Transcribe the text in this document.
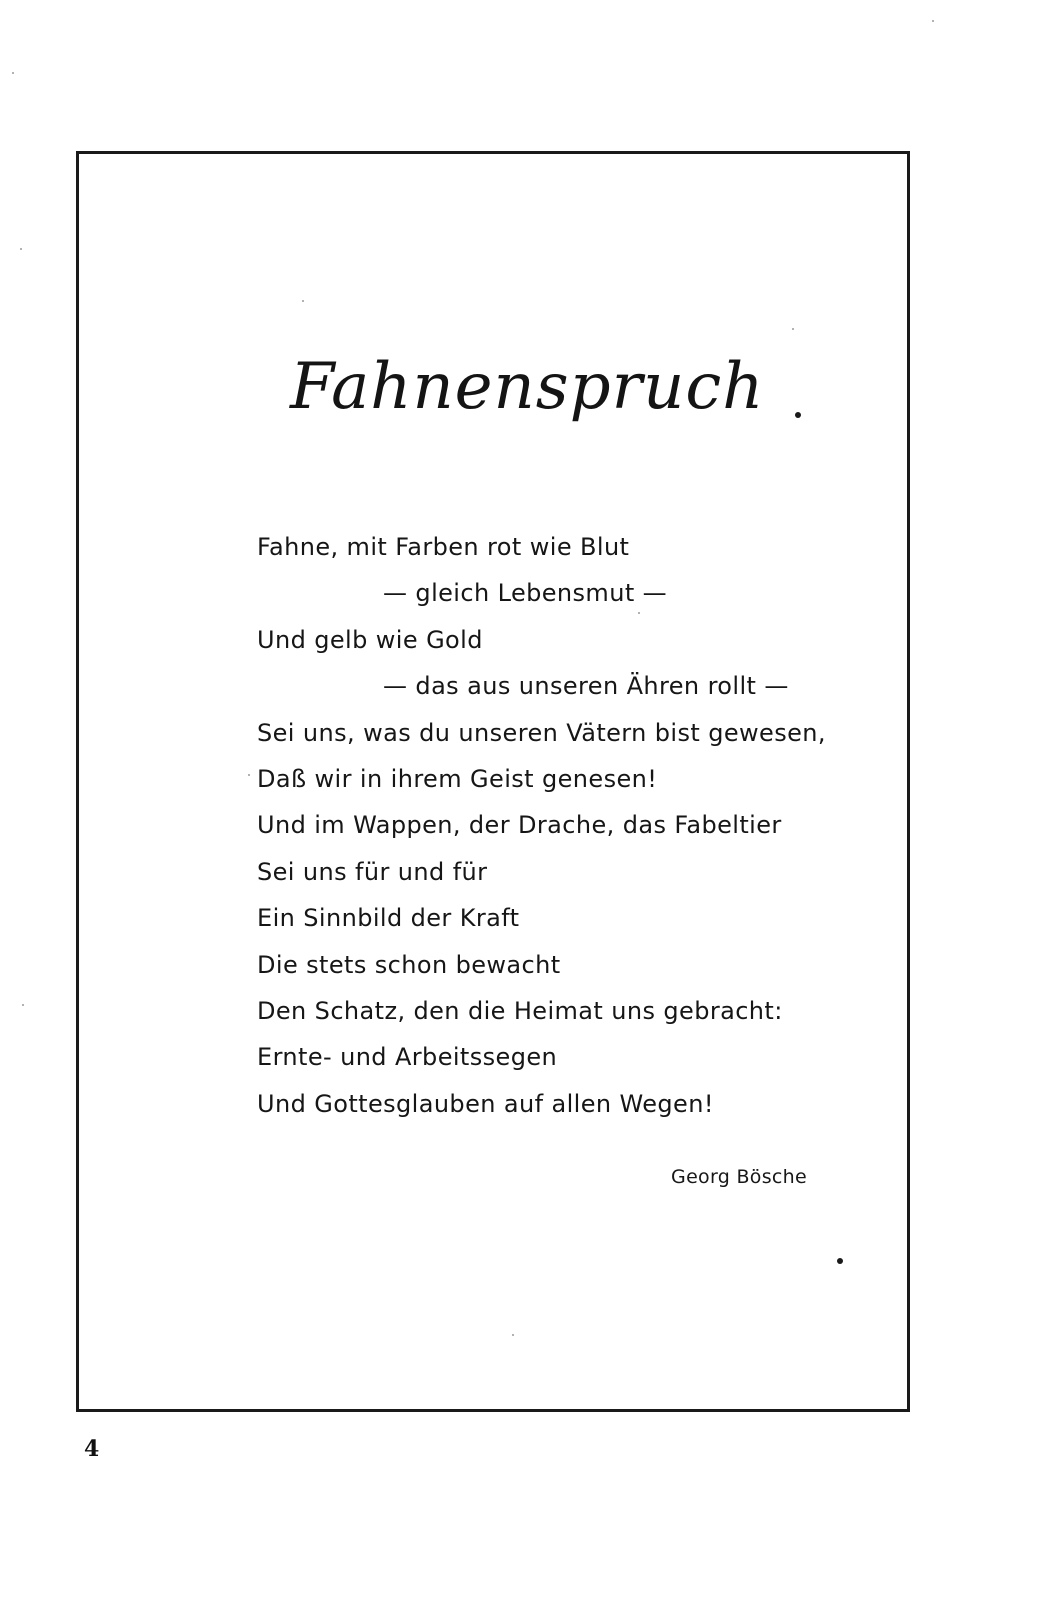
Fahnenspruch
Fahne, mit Farben rot wie Blut
— gleich Lebensmut —
Und gelb wie Gold
— das aus unseren Ähren rollt —
Sei uns, was du unseren Vätern bist gewesen,
Daß wir in ihrem Geist genesen!
Und im Wappen, der Drache, das Fabeltier
Sei uns für und für
Ein Sinnbild der Kraft
Die stets schon bewacht
Den Schatz, den die Heimat uns gebracht:
Ernte- und Arbeitssegen
Und Gottesglauben auf allen Wegen!
Georg Bösche
4
